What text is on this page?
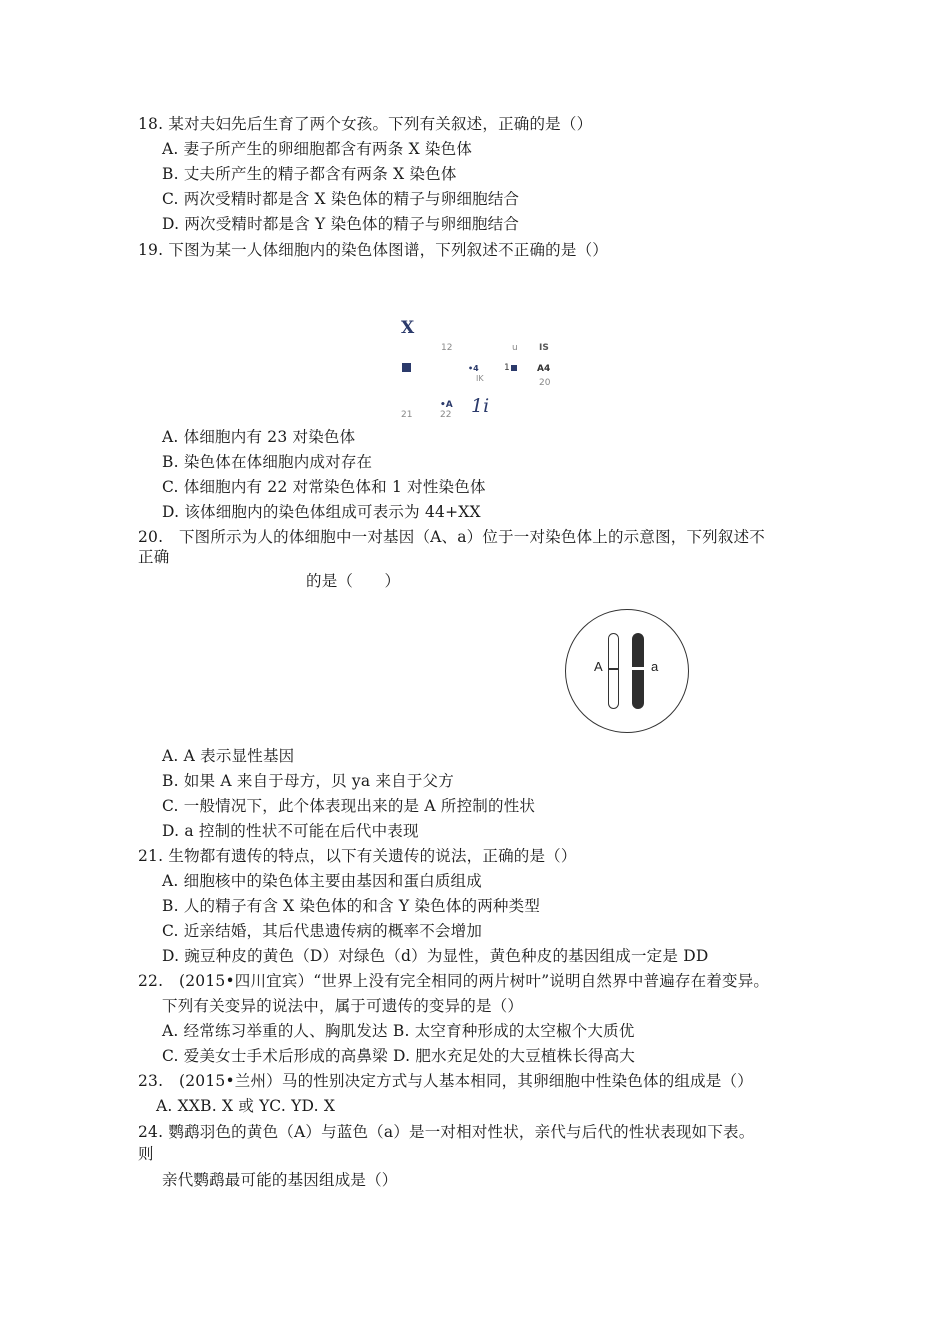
18. 某对夫妇先后生育了两个女孩。下列有关叙述，正确的是（）
A. 妻子所产生的卵细胞都含有两条 X 染色体
B. 丈夫所产生的精子都含有两条 X 染色体
C. 两次受精时都是含 X 染色体的精子与卵细胞结合
D. 两次受精时都是含 Y 染色体的精子与卵细胞结合
19. 下图为某一人体细胞内的染色体图谱，下列叙述不正确的是（）
X
12	u IS
•4
IK
1	A4
20
•A 1i
21	22
A. 体细胞内有 23 对染色体
B. 染色体在体细胞内成对存在
C. 体细胞内有 22 对常染色体和 1 对性染色体
D. 该体细胞内的染色体组成可表示为 44+XX
20.　下图所示为人的体细胞中一对基因（A、a）位于一对染色体上的示意图，下列叙述不
正确
的是（　　）
A	a
A. A 表示显性基因
B. 如果 A 来自于母方，贝 ya 来自于父方
C. 一般情况下，此个体表现出来的是 A 所控制的性状
D. a 控制的性状不可能在后代中表现
21. 生物都有遗传的特点，以下有关遗传的说法，正确的是（）
A. 细胞核中的染色体主要由基因和蛋白质组成
B. 人的精子有含 X 染色体的和含 Y 染色体的两种类型
C. 近亲结婚，其后代患遗传病的概率不会增加
D. 豌豆种皮的黄色（D）对绿色（d）为显性，黄色种皮的基因组成一定是 DD
22.　(2015•四川宜宾）“世界上没有完全相同的两片树叶”说明自然界中普遍存在着变异。
下列有关变异的说法中，属于可遗传的变异的是（）
A. 经常练习举重的人、胸肌发达 B. 太空育种形成的太空椒个大质优
C. 爱美女士手术后形成的高鼻梁 D. 肥水充足处的大豆植株长得高大
23.　(2015•兰州）马的性别决定方式与人基本相同，其卵细胞中性染色体的组成是（）
A. XXB. X 或 YC. YD. X
24. 鹦鹉羽色的黄色（A）与蓝色（a）是一对相对性状，亲代与后代的性状表现如下表。
则
亲代鹦鹉最可能的基因组成是（）
